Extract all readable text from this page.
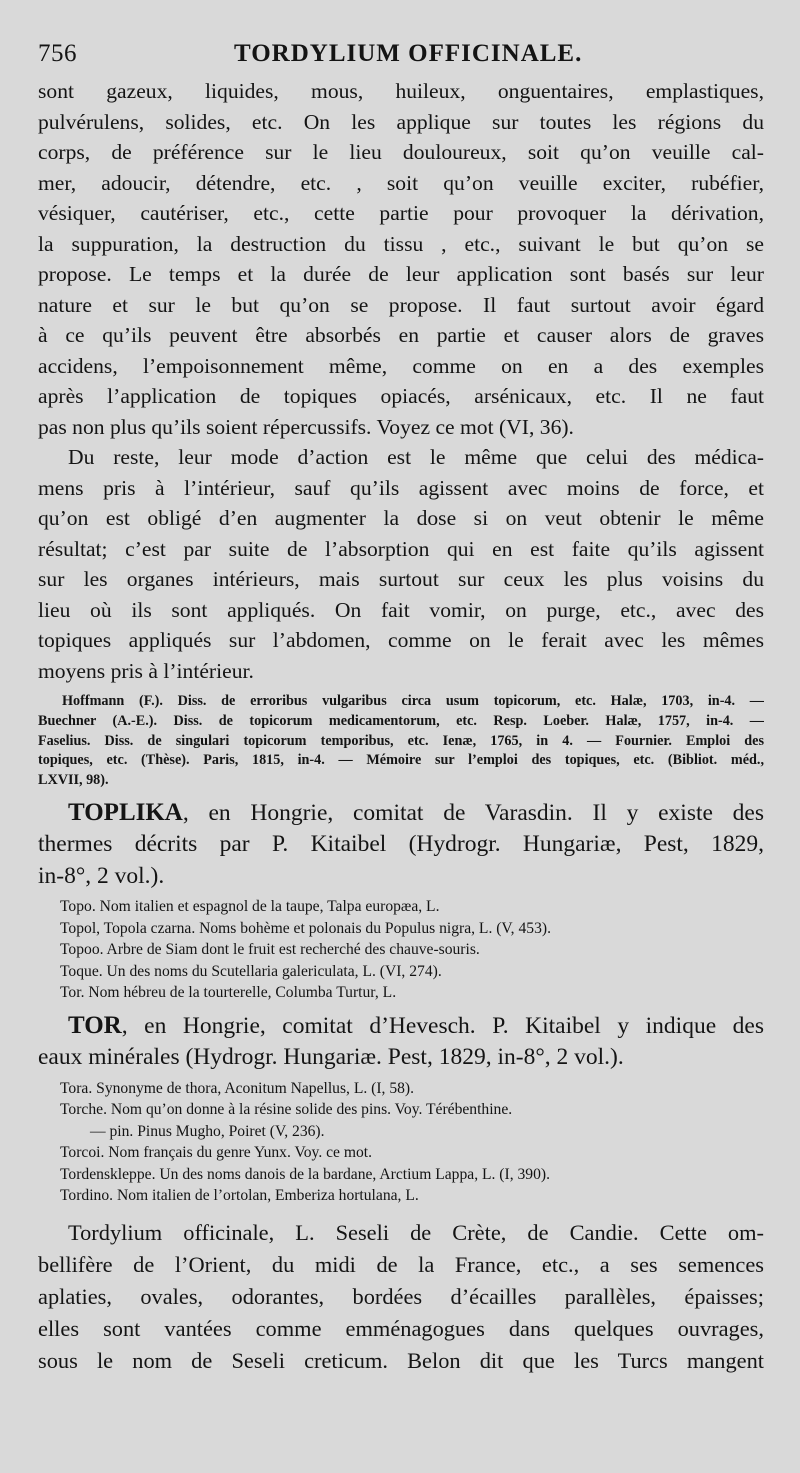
756	TORDYLIUM OFFICINALE.
sont gazeux, liquides, mous, huileux, onguentaires, emplastiques,
pulvérulens, solides, etc. On les applique sur toutes les régions du
corps, de préférence sur le lieu douloureux, soit qu’on veuille cal-
mer, adoucir, détendre, etc. , soit qu’on veuille exciter, rubéfier,
vésiquer, cautériser, etc., cette partie pour provoquer la dérivation,
la suppuration, la destruction du tissu , etc., suivant le but qu’on se
propose. Le temps et la durée de leur application sont basés sur leur
nature et sur le but qu’on se propose. Il faut surtout avoir égard
à ce qu’ils peuvent être absorbés en partie et causer alors de graves
accidens, l’empoisonnement même, comme on en a des exemples
après l’application de topiques opiacés, arsénicaux, etc. Il ne faut
pas non plus qu’ils soient répercussifs. Voyez ce mot (VI, 36).
Du reste, leur mode d’action est le même que celui des médica-
mens pris à l’intérieur, sauf qu’ils agissent avec moins de force, et
qu’on est obligé d’en augmenter la dose si on veut obtenir le même
résultat; c’est par suite de l’absorption qui en est faite qu’ils agissent
sur les organes intérieurs, mais surtout sur ceux les plus voisins du
lieu où ils sont appliqués. On fait vomir, on purge, etc., avec des
topiques appliqués sur l’abdomen, comme on le ferait avec les mêmes
moyens pris à l’intérieur.
Hoffmann (F.). Diss. de erroribus vulgaribus circa usum topicorum, etc. Halæ, 1703, in-4. —
Buechner (A.-E.). Diss. de topicorum medicamentorum, etc. Resp. Loeber. Halæ, 1757, in-4. —
Faselius. Diss. de singulari topicorum temporibus, etc. Ienæ, 1765, in 4. — Fournier. Emploi des
topiques, etc. (Thèse). Paris, 1815, in-4. — Mémoire sur l’emploi des topiques, etc. (Bibliot. méd.,
LXVII, 98).
TOPLIKA, en Hongrie, comitat de Varasdin. Il y existe des
thermes décrits par P. Kitaibel (Hydrogr. Hungariæ, Pest, 1829,
in-8°, 2 vol.).
Topo. Nom italien et espagnol de la taupe, Talpa europæa, L.
Topol, Topola czarna. Noms bohème et polonais du Populus nigra, L. (V, 453).
Topoo. Arbre de Siam dont le fruit est recherché des chauve-souris.
Toque. Un des noms du Scutellaria galericulata, L. (VI, 274).
Tor. Nom hébreu de la tourterelle, Columba Turtur, L.
TOR, en Hongrie, comitat d’Hevesch. P. Kitaibel y indique des
eaux minérales (Hydrogr. Hungariæ. Pest, 1829, in-8°, 2 vol.).
Tora. Synonyme de thora, Aconitum Napellus, L. (I, 58).
Torche. Nom qu’on donne à la résine solide des pins. Voy. Térébenthine.
— pin. Pinus Mugho, Poiret (V, 236).
Torcoi. Nom français du genre Yunx. Voy. ce mot.
Tordenskleppe. Un des noms danois de la bardane, Arctium Lappa, L. (I, 390).
Tordino. Nom italien de l’ortolan, Emberiza hortulana, L.
Tordylium officinale, L. Seseli de Crète, de Candie. Cette om-
bellifère de l’Orient, du midi de la France, etc., a ses semences
aplaties, ovales, odorantes, bordées d’écailles parallèles, épaisses;
elles sont vantées comme emménagogues dans quelques ouvrages,
sous le nom de Seseli creticum. Belon dit que les Turcs mangent
